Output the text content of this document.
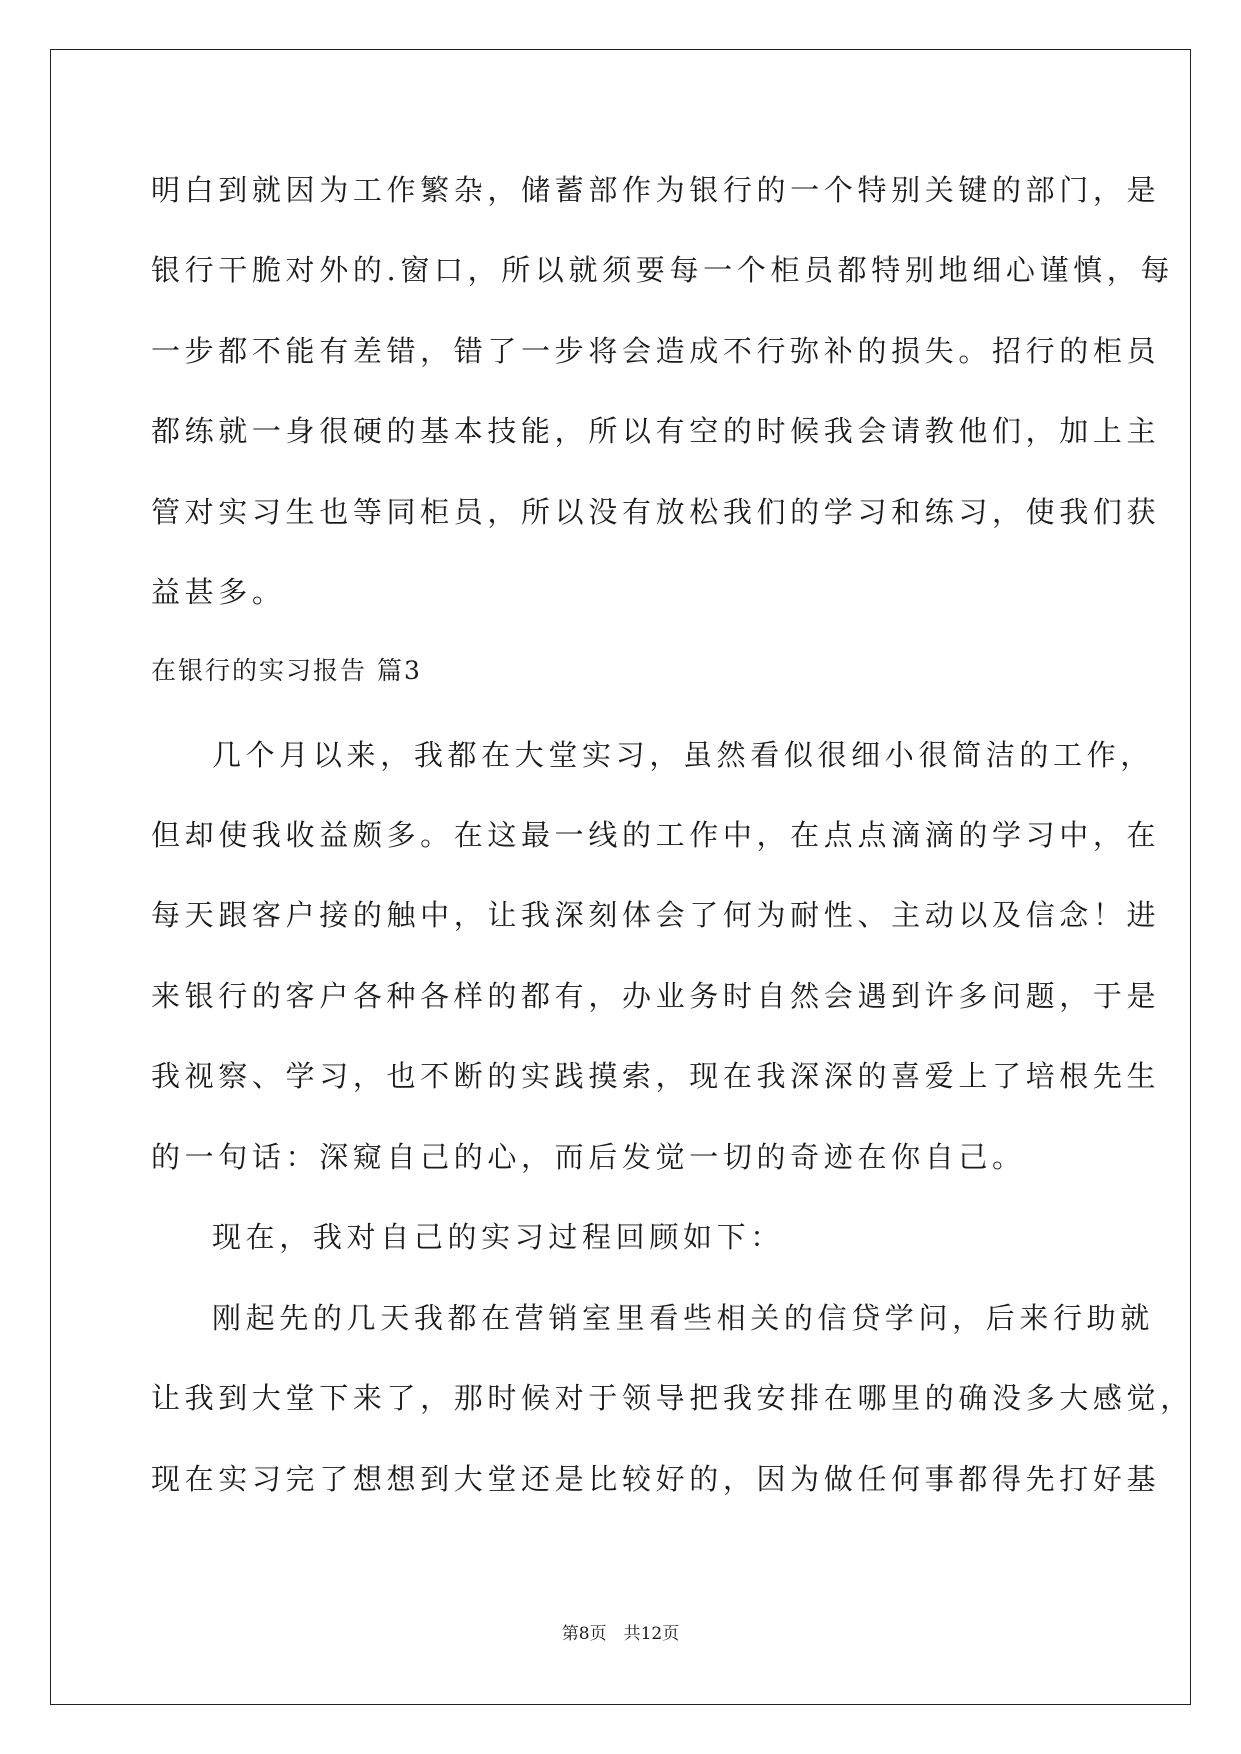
明白到就因为工作繁杂，储蓄部作为银行的一个特别关键的部门，是
银行干脆对外的.窗口，所以就须要每一个柜员都特别地细心谨慎，每
一步都不能有差错，错了一步将会造成不行弥补的损失。招行的柜员
都练就一身很硬的基本技能，所以有空的时候我会请教他们，加上主
管对实习生也等同柜员，所以没有放松我们的学习和练习，使我们获
益甚多。
在银行的实习报告 篇3
几个月以来，我都在大堂实习，虽然看似很细小很简洁的工作，
但却使我收益颇多。在这最一线的工作中，在点点滴滴的学习中，在
每天跟客户接的触中，让我深刻体会了何为耐性、主动以及信念！进
来银行的客户各种各样的都有，办业务时自然会遇到许多问题，于是
我视察、学习，也不断的实践摸索，现在我深深的喜爱上了培根先生
的一句话：深窥自己的心，而后发觉一切的奇迹在你自己。
现在，我对自己的实习过程回顾如下：
刚起先的几天我都在营销室里看些相关的信贷学问，后来行助就
让我到大堂下来了，那时候对于领导把我安排在哪里的确没多大感觉，
现在实习完了想想到大堂还是比较好的，因为做任何事都得先打好基
第8页　共12页
